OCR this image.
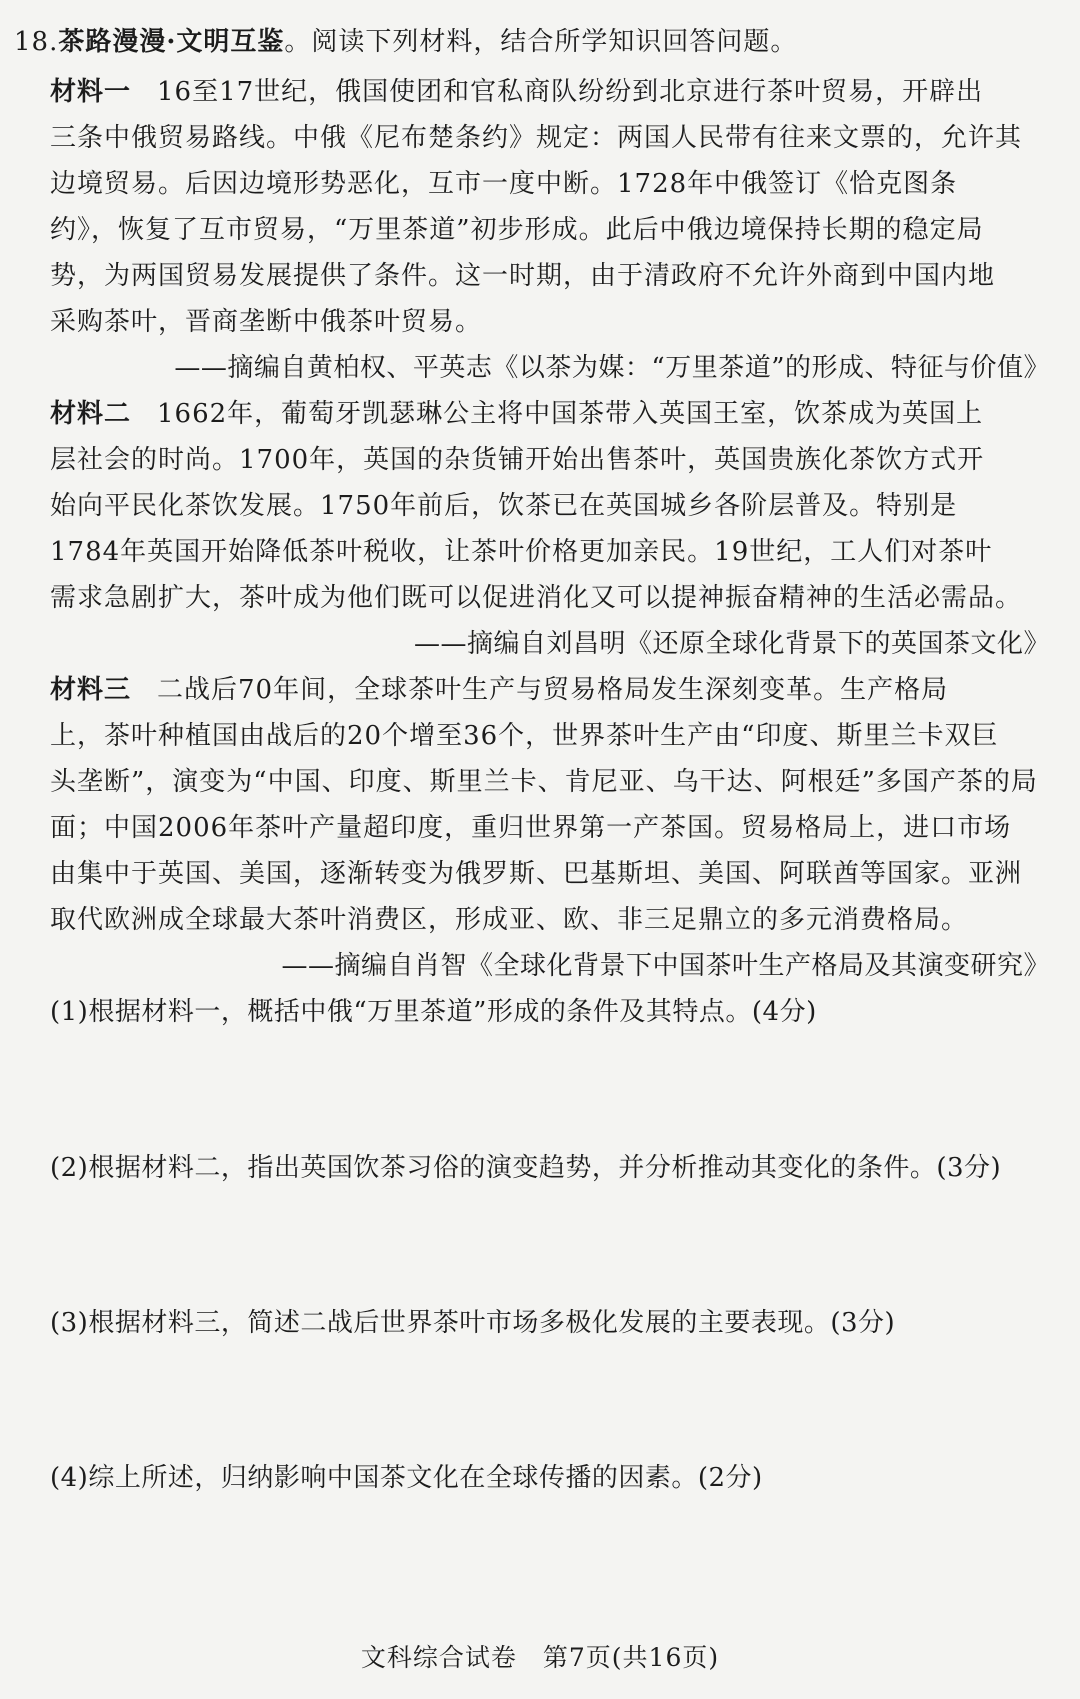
18.茶路漫漫·文明互鉴。阅读下列材料，结合所学知识回答问题。
材料一 16至17世纪，俄国使团和官私商队纷纷到北京进行茶叶贸易，开辟出
三条中俄贸易路线。中俄《尼布楚条约》规定：两国人民带有往来文票的，允许其
边境贸易。后因边境形势恶化，互市一度中断。1728年中俄签订《恰克图条
约》，恢复了互市贸易，“万里茶道”初步形成。此后中俄边境保持长期的稳定局
势，为两国贸易发展提供了条件。这一时期，由于清政府不允许外商到中国内地
采购茶叶，晋商垄断中俄茶叶贸易。
——摘编自黄柏权、平英志《以茶为媒：“万里茶道”的形成、特征与价值》
材料二 1662年，葡萄牙凯瑟琳公主将中国茶带入英国王室，饮茶成为英国上
层社会的时尚。1700年，英国的杂货铺开始出售茶叶，英国贵族化茶饮方式开
始向平民化茶饮发展。1750年前后，饮茶已在英国城乡各阶层普及。特别是
1784年英国开始降低茶叶税收，让茶叶价格更加亲民。19世纪，工人们对茶叶
需求急剧扩大，茶叶成为他们既可以促进消化又可以提神振奋精神的生活必需品。
——摘编自刘昌明《还原全球化背景下的英国茶文化》
材料三 二战后70年间，全球茶叶生产与贸易格局发生深刻变革。生产格局
上，茶叶种植国由战后的20个增至36个，世界茶叶生产由“印度、斯里兰卡双巨
头垄断”，演变为“中国、印度、斯里兰卡、肯尼亚、乌干达、阿根廷”多国产茶的局
面；中国2006年茶叶产量超印度，重归世界第一产茶国。贸易格局上，进口市场
由集中于英国、美国，逐渐转变为俄罗斯、巴基斯坦、美国、阿联酋等国家。亚洲
取代欧洲成全球最大茶叶消费区，形成亚、欧、非三足鼎立的多元消费格局。
——摘编自肖智《全球化背景下中国茶叶生产格局及其演变研究》
(1)根据材料一，概括中俄“万里茶道”形成的条件及其特点。(4分)
(2)根据材料二，指出英国饮茶习俗的演变趋势，并分析推动其变化的条件。(3分)
(3)根据材料三，简述二战后世界茶叶市场多极化发展的主要表现。(3分)
(4)综上所述，归纳影响中国茶文化在全球传播的因素。(2分)
文科综合试卷　第7页(共16页)
